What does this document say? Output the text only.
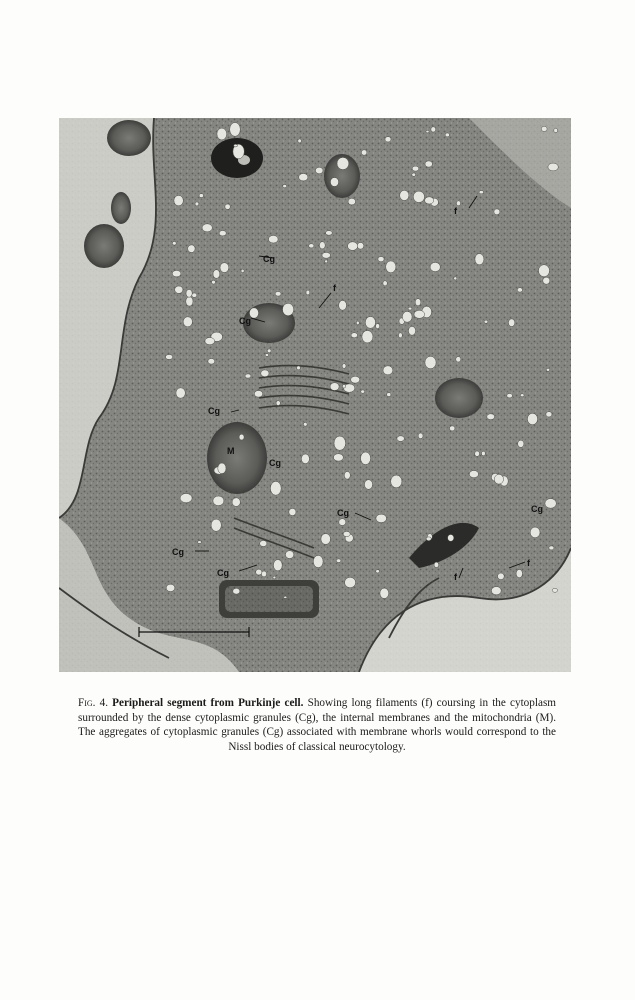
Cg
Cg
Cg
Cg
Cg
Cg
Cg
Cg
M
f
f
f
f

Fig. 4. Peripheral segment from Purkinje cell. Showing long filaments (f) coursing in the cytoplasm surrounded by the dense cytoplasmic granules (Cg), the internal membranes and the mitochondria (M). The aggregates of cytoplasmic granules (Cg) associated with membrane whorls would correspond to the Nissl bodies of classical neurocytology.
